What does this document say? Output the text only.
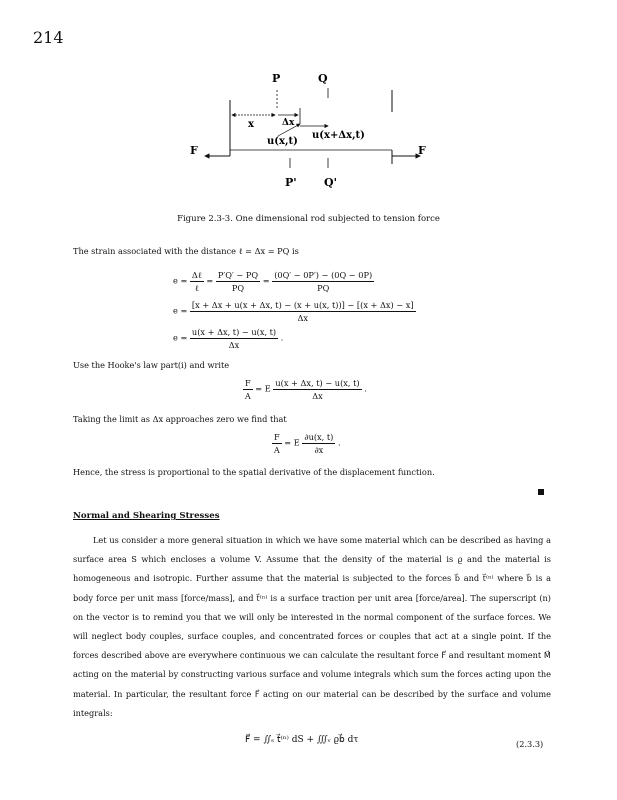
214
P	Q
x	Δx
u(x,t)
u(x+Δx,t)
F	F
P' Q'
Figure 2.3-3. One dimensional rod subjected to tension force
The strain associated with the distance ℓ = Δx = PQ is
$e = \frac{\text{Δℓ}}{\text{ℓ}} = \frac{P'Q' - PQ}{PQ} = \frac{(0Q' - 0P') - (0Q - 0P)}{PQ}$
$e = \frac{[x + \Delta x + u(x + \Delta x, t) - (x + u(x, t))] - [(x + \Delta x) - x]}{\Delta x}$
$e = \frac{u(x + \Delta x, t) - u(x, t)}{\Delta x}$ .
Use the Hooke's law part(i) and write
$\frac{F}{A} = E \frac{u(x + \Delta x, t) - u(x, t)}{\Delta x}$ .
Taking the limit as Δx approaches zero we find that
$\frac{F}{A} = E \frac{\partial u(x, t)}{\partial x}$ .
Hence, the stress is proportional to the spatial derivative of the displacement function.
Normal and Shearing Stresses

Let us consider a more general situation in which we have some material which can be described as having a surface area S which encloses a volume V. Assume that the density of the material is ϱ and the material is homogeneous and isotropic. Further assume that the material is subjected to the forces b⃗ and t⃗⁽ⁿ⁾ where b⃗ is a body force per unit mass [force/mass], and t⃗⁽ⁿ⁾ is a surface traction per unit area [force/area]. The superscript (n) on the vector is to remind you that we will only be interested in the normal component of the surface forces. We will neglect body couples, surface couples, and concentrated forces or couples that act at a single point. If the forces described above are everywhere continuous we can calculate the resultant force F⃗ and resultant moment M⃗ acting on the material by constructing various surface and volume integrals which sum the forces acting upon the material. In particular, the resultant force F⃗ acting on our material can be described by the surface and volume integrals:

F⃗ = ∬ₛ t⃗⁽ⁿ⁾ dS + ∭ᵥ ϱb⃗ dτ	(2.3.3)
